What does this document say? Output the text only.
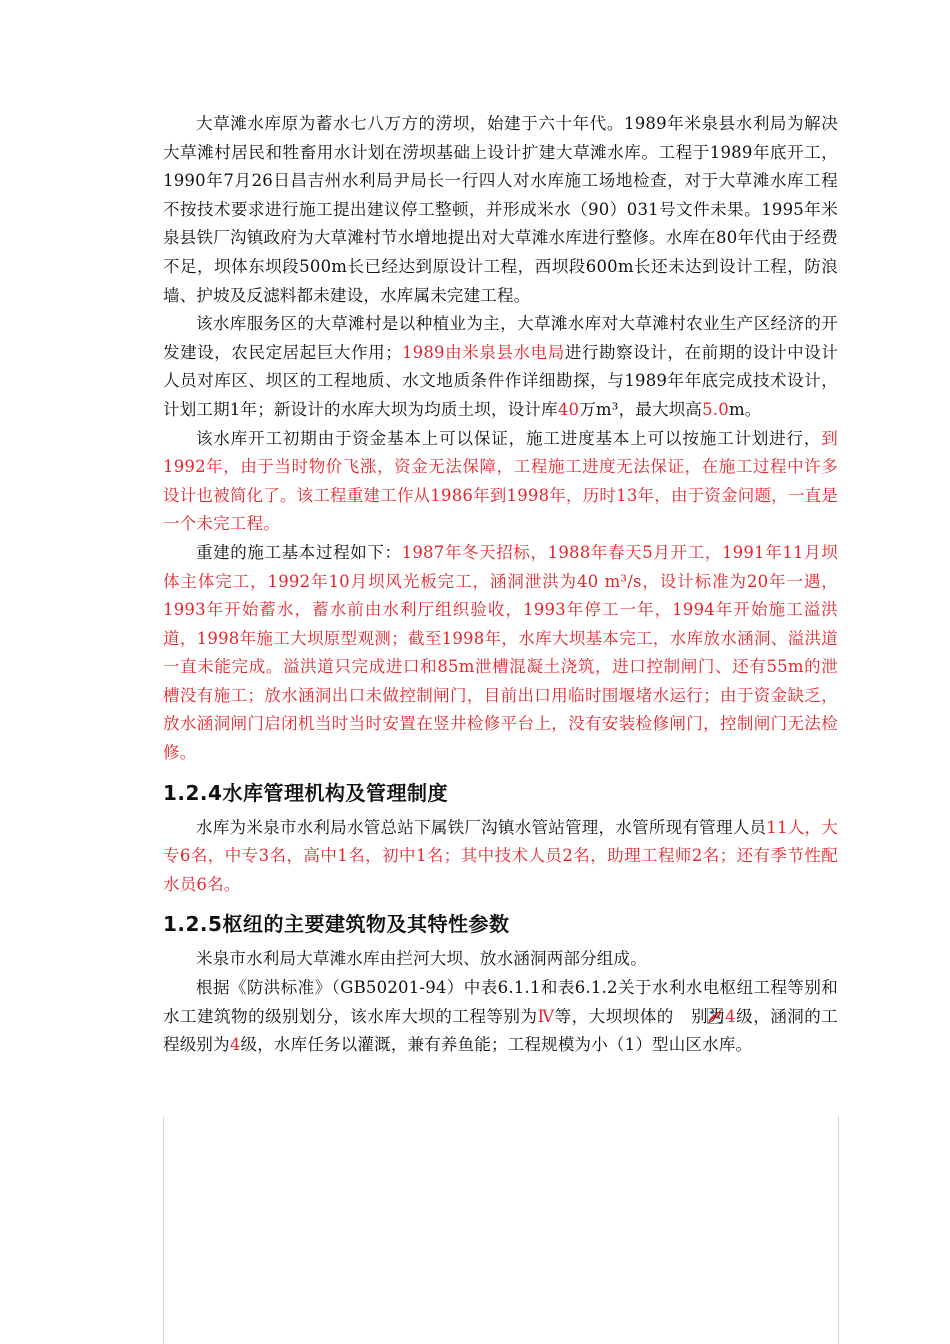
大草滩水库原为蓄水七八万方的涝坝，始建于六十年代。1989年米泉县水利局为解决大草滩村居民和牲畜用水计划在涝坝基础上设计扩建大草滩水库。工程于1989年底开工，1990年7月26日昌吉州水利局尹局长一行四人对水库施工场地检查，对于大草滩水库工程不按技术要求进行施工提出建议停工整顿，并形成米水（90）031号文件未果。1995年米泉县铁厂沟镇政府为大草滩村节水增地提出对大草滩水库进行整修。水库在80年代由于经费不足，坝体东坝段500m长已经达到原设计工程，西坝段600m长还未达到设计工程，防浪墙、护坡及反滤料都未建设，水库属未完建工程。

该水库服务区的大草滩村是以种植业为主，大草滩水库对大草滩村农业生产区经济的开发建设，农民定居起巨大作用；1989由米泉县水电局进行勘察设计，在前期的设计中设计人员对库区、坝区的工程地质、水文地质条件作详细勘探，与1989年年底完成技术设计，计划工期1年；新设计的水库大坝为均质土坝，设计库40万m³，最大坝高5.0m。

该水库开工初期由于资金基本上可以保证，施工进度基本上可以按施工计划进行，到1992年，由于当时物价飞涨，资金无法保障，工程施工进度无法保证，在施工过程中许多设计也被简化了。该工程重建工作从1986年到1998年，历时13年，由于资金问题，一直是一个未完工程。

重建的施工基本过程如下：1987年冬天招标，1988年春天5月开工，1991年11月坝体主体完工，1992年10月坝风光板完工，涵洞泄洪为40 m³/s，设计标准为20年一遇，1993年开始蓄水，蓄水前由水利厅组织验收，1993年停工一年，1994年开始施工溢洪道，1998年施工大坝原型观测；截至1998年，水库大坝基本完工，水库放水涵洞、溢洪道一直未能完成。溢洪道只完成进口和85m泄槽混凝土浇筑，进口控制闸门、还有55m的泄槽没有施工；放水涵洞出口未做控制闸门，目前出口用临时围堰堵水运行；由于资金缺乏，放水涵洞闸门启闭机当时当时安置在竖井检修平台上，没有安装检修闸门，控制闸门无法检修。

1.2.4水库管理机构及管理制度

水库为米泉市水利局水管总站下属铁厂沟镇水管站管理，水管所现有管理人员11人，大专6名，中专3名，高中1名，初中1名；其中技术人员2名，助理工程师2名；还有季节性配水员6名。

1.2.5枢纽的主要建筑物及其特性参数

米泉市水利局大草滩水库由拦河大坝、放水涵洞两部分组成。

根据《防洪标准》（GB50201-94）中表6.1.1和表6.1.2关于水利水电枢纽工程等别和水工建筑物的级别划分，该水库大坝的工程等别为Ⅳ等，大坝坝体的 别为4级，涵洞的工程级别为4级，水库任务以灌溉，兼有养鱼能；工程规模为小（1）型山区水库。
